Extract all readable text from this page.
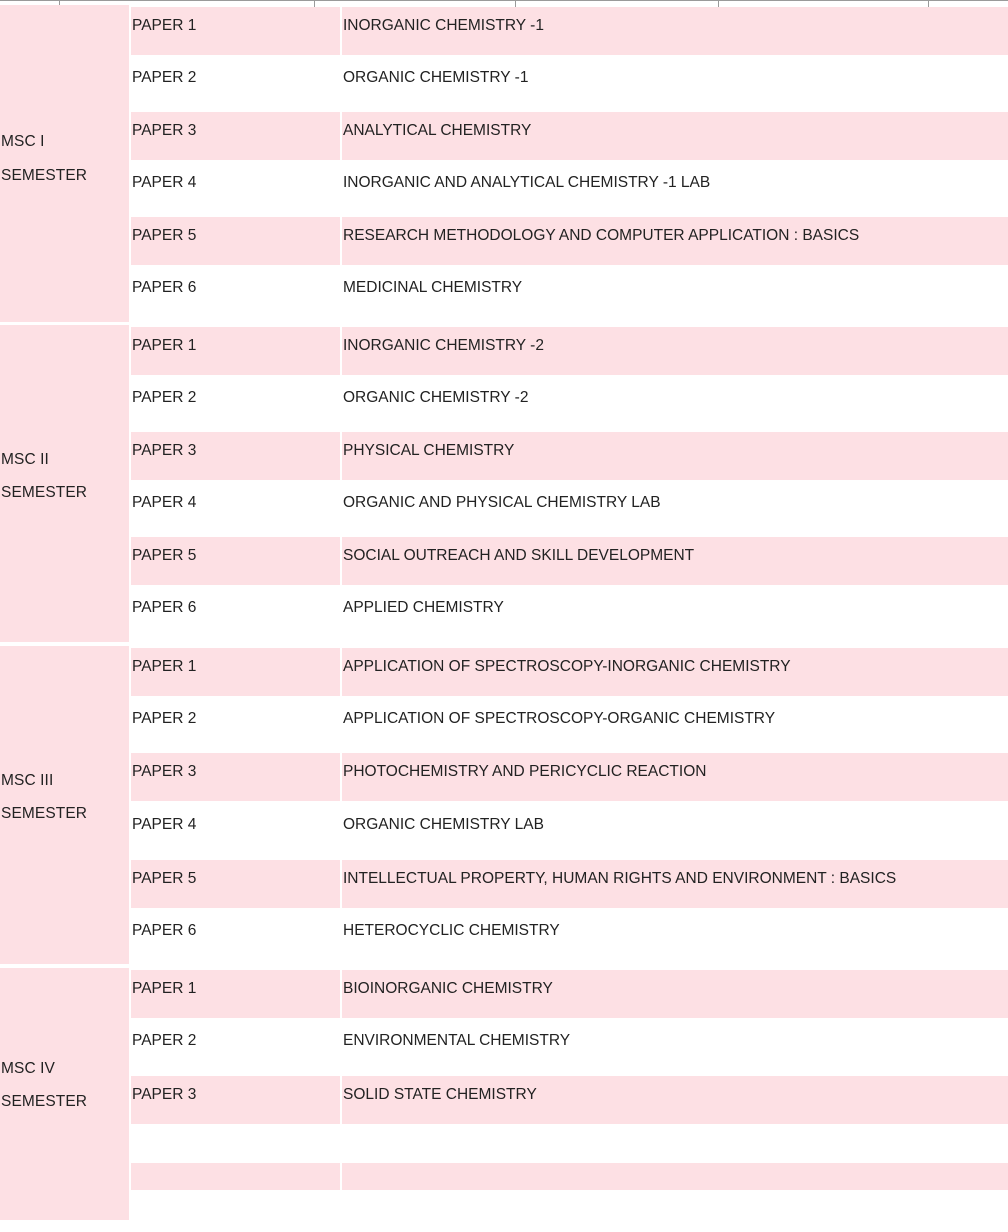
MSC I
SEMESTER
PAPER 1	INORGANIC CHEMISTRY -1
PAPER 2	ORGANIC CHEMISTRY -1
PAPER 3	ANALYTICAL CHEMISTRY
PAPER 4	INORGANIC AND ANALYTICAL CHEMISTRY -1 LAB
PAPER 5	RESEARCH METHODOLOGY AND COMPUTER APPLICATION : BASICS
PAPER 6	MEDICINAL CHEMISTRY
MSC II
SEMESTER
PAPER 1	INORGANIC CHEMISTRY -2
PAPER 2	ORGANIC CHEMISTRY -2
PAPER 3	PHYSICAL CHEMISTRY
PAPER 4	ORGANIC AND PHYSICAL CHEMISTRY LAB
PAPER 5	SOCIAL OUTREACH AND SKILL DEVELOPMENT
PAPER 6	APPLIED CHEMISTRY
MSC III
SEMESTER
PAPER 1	APPLICATION OF SPECTROSCOPY-INORGANIC CHEMISTRY
PAPER 2	APPLICATION OF SPECTROSCOPY-ORGANIC CHEMISTRY
PAPER 3	PHOTOCHEMISTRY AND PERICYCLIC REACTION
PAPER 4	ORGANIC CHEMISTRY LAB
PAPER 5	INTELLECTUAL PROPERTY, HUMAN RIGHTS AND ENVIRONMENT : BASICS
PAPER 6	HETEROCYCLIC CHEMISTRY
MSC IV
SEMESTER
PAPER 1	BIOINORGANIC CHEMISTRY
PAPER 2	ENVIRONMENTAL CHEMISTRY
PAPER 3	SOLID STATE CHEMISTRY
